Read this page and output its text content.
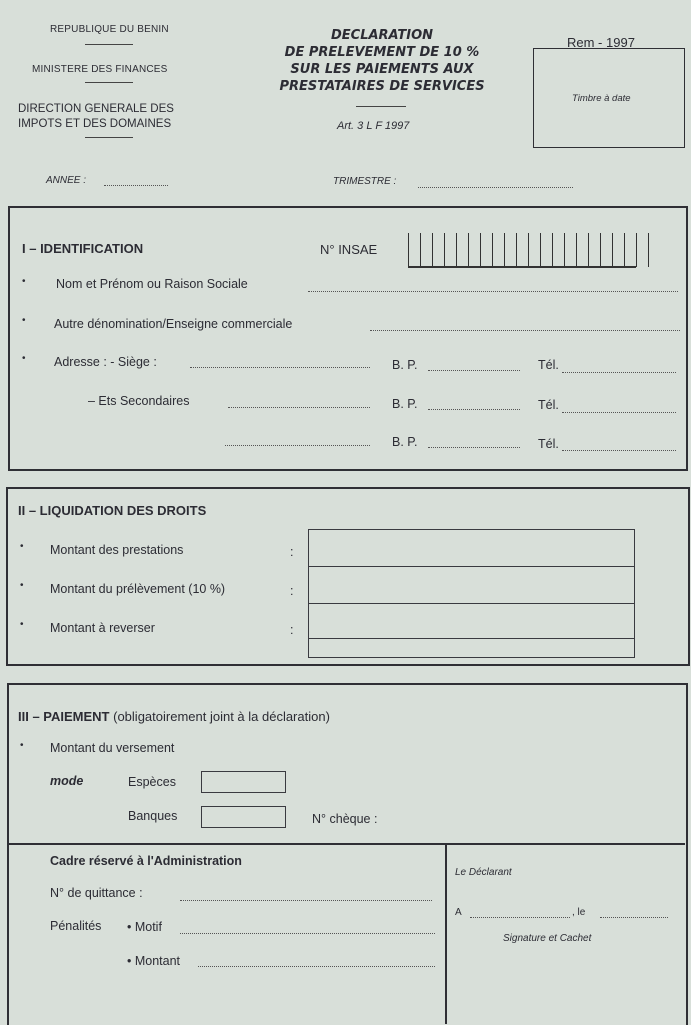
REPUBLIQUE DU BENIN
MINISTERE DES FINANCES
DIRECTION GENERALE DES
IMPOTS ET DES DOMAINES
DECLARATION
DE PRELEVEMENT DE 10 %
SUR LES PAIEMENTS AUX
PRESTATAIRES DE SERVICES
Art. 3 L F 1997
Rem - 1997
Timbre à date
ANNEE :	TRIMESTRE :
I – IDENTIFICATION	N° INSAE
• Nom et Prénom ou Raison Sociale
• Autre dénomination/Enseigne commerciale
• Adresse : - Siège :	B. P.	Tél.
– Ets Secondaires	B. P.	Tél.
B. P.	Tél.
II – LIQUIDATION DES DROITS
• Montant des prestations	:
• Montant du prélèvement (10 %)	:
• Montant à reverser	:
III – PAIEMENT (obligatoirement joint à la déclaration)
• Montant du versement
mode	Espèces
Banques	N° chèque :
Cadre réservé à l'Administration
N° de quittance :
Pénalités • Motif
• Montant
Le Déclarant
A	, le
Signature et Cachet
